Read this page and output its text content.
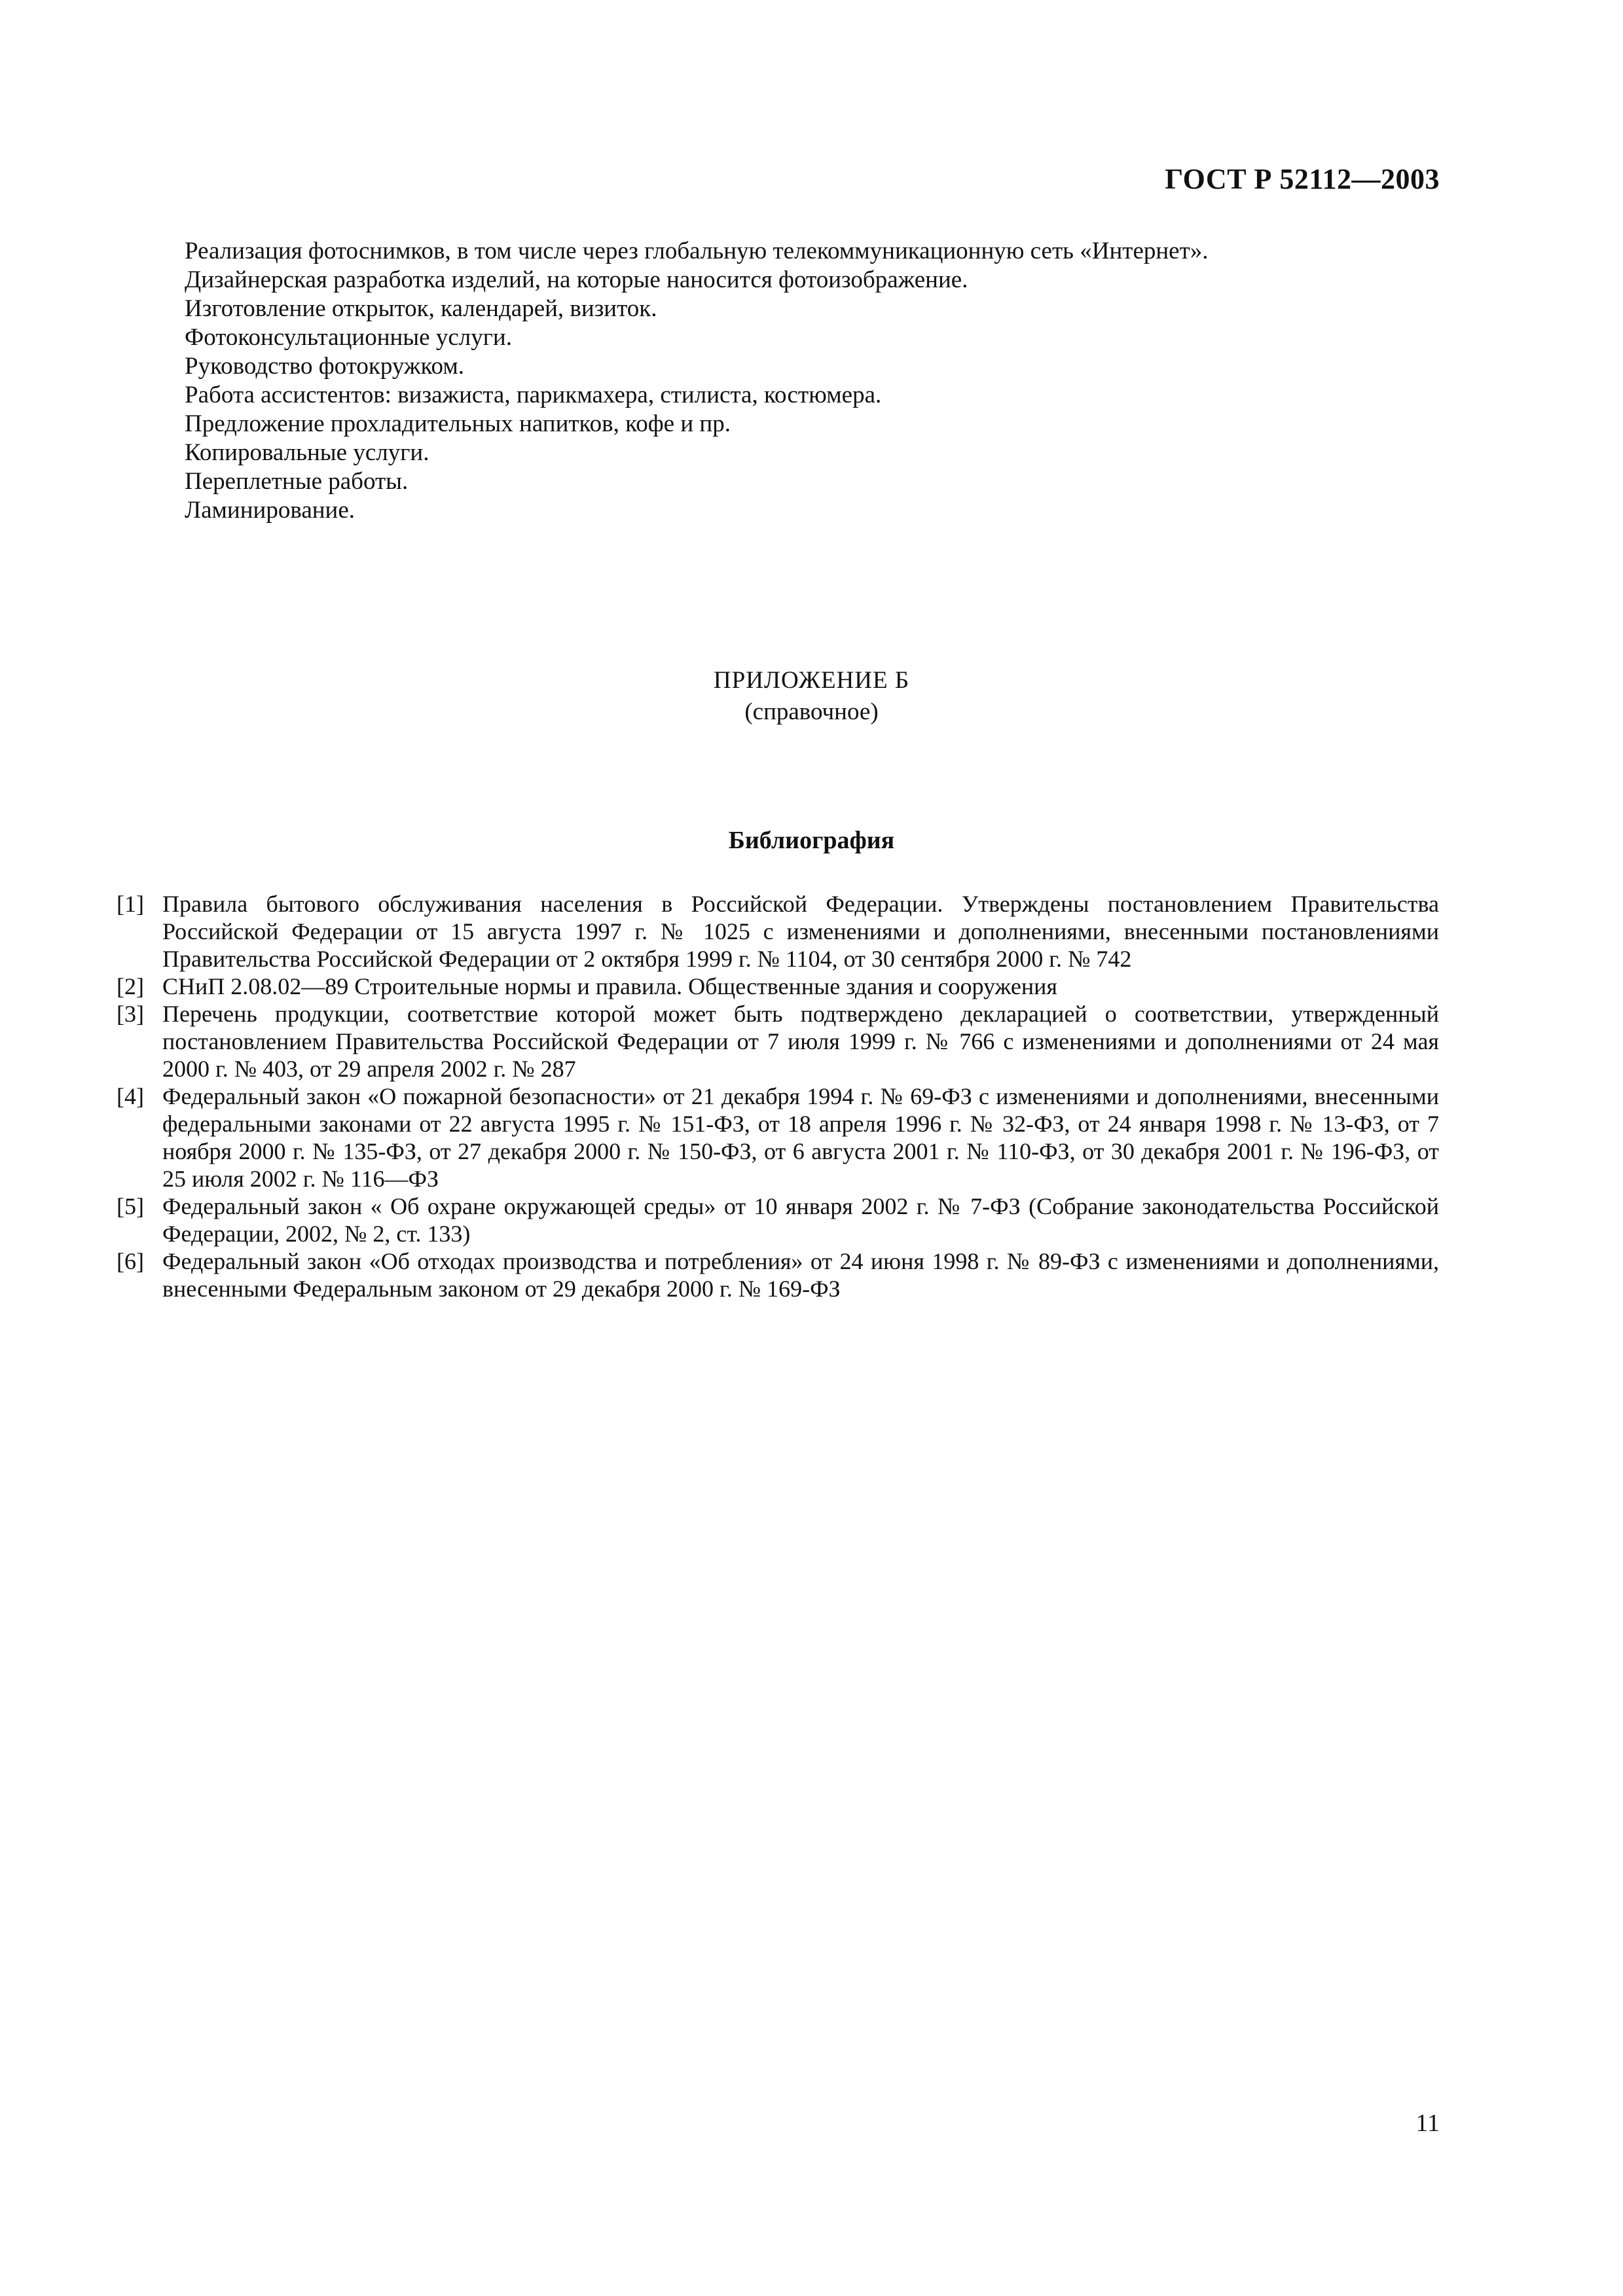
ГОСТ Р 52112—2003
Реализация фотоснимков, в том числе через глобальную телекоммуникационную сеть «Интернет».
Дизайнерская разработка изделий, на которые наносится фотоизображение.
Изготовление открыток, календарей, визиток.
Фотоконсультационные услуги.
Руководство фотокружком.
Работа ассистентов: визажиста, парикмахера, стилиста, костюмера.
Предложение прохладительных напитков, кофе и пр.
Копировальные услуги.
Переплетные работы.
Ламинирование.
ПРИЛОЖЕНИЕ Б
(справочное)
Библиография
[1] Правила бытового обслуживания населения в Российской Федерации. Утверждены постановлением Правительства Российской Федерации от 15 августа 1997 г. № 1025 с изменениями и дополнениями, внесенными постановлениями Правительства Российской Федерации от 2 октября 1999 г. № 1104, от 30 сентября 2000 г. № 742
[2] СНиП 2.08.02—89 Строительные нормы и правила. Общественные здания и сооружения
[3] Перечень продукции, соответствие которой может быть подтверждено декларацией о соответствии, утвержденный постановлением Правительства Российской Федерации от 7 июля 1999 г. № 766 с изменениями и дополнениями от 24 мая 2000 г. № 403, от 29 апреля 2002 г. № 287
[4] Федеральный закон «О пожарной безопасности» от 21 декабря 1994 г. № 69-ФЗ с изменениями и дополнениями, внесенными федеральными законами от 22 августа 1995 г. № 151-ФЗ, от 18 апреля 1996 г. № 32-ФЗ, от 24 января 1998 г. № 13-ФЗ, от 7 ноября 2000 г. № 135-ФЗ, от 27 декабря 2000 г. № 150-ФЗ, от 6 августа 2001 г. № 110-ФЗ, от 30 декабря 2001 г. № 196-ФЗ, от 25 июля 2002 г. № 116—ФЗ
[5] Федеральный закон « Об охране окружающей среды» от 10 января 2002 г. № 7-ФЗ (Собрание законодательства Российской Федерации, 2002, № 2, ст. 133)
[6] Федеральный закон «Об отходах производства и потребления» от 24 июня 1998 г. № 89-ФЗ с изменениями и дополнениями, внесенными Федеральным законом от 29 декабря 2000 г. № 169-ФЗ
11
